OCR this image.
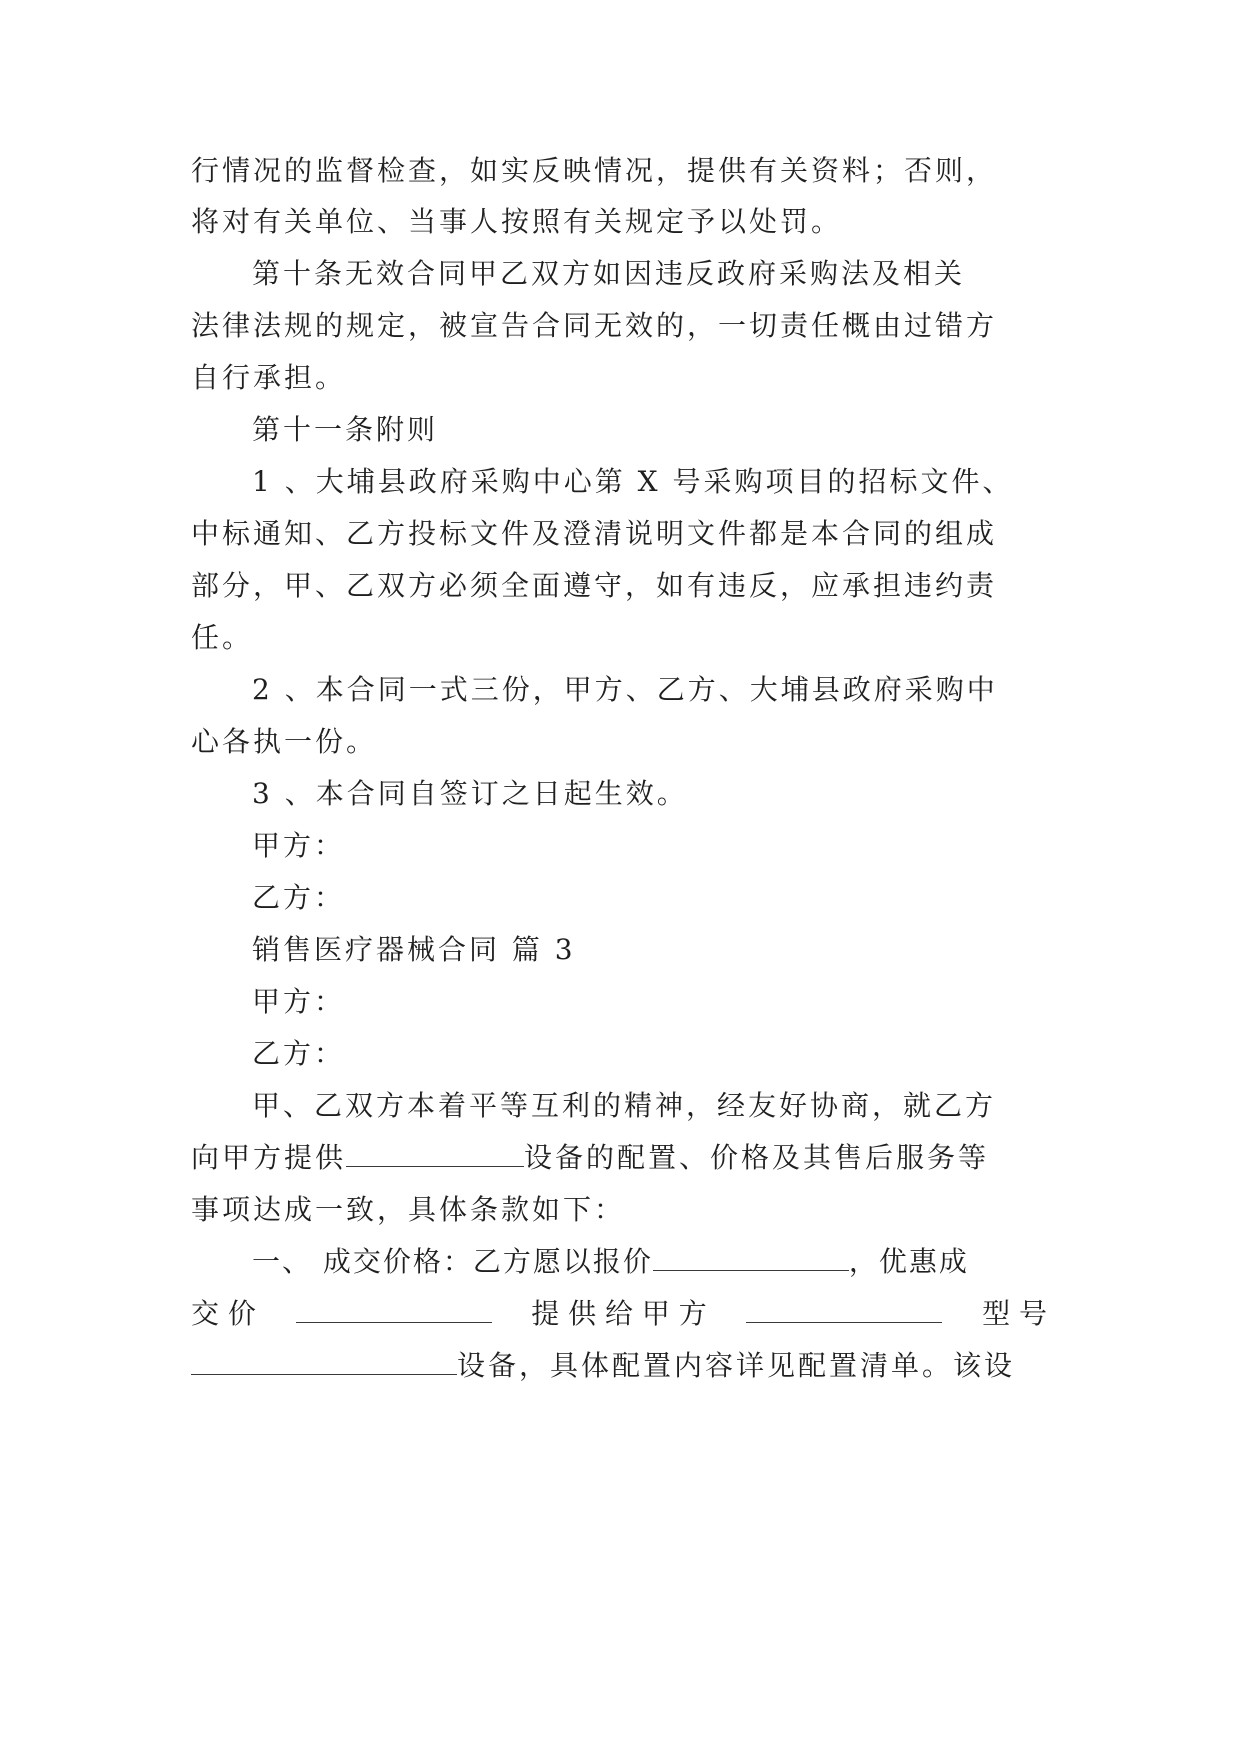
行情况的监督检查，如实反映情况，提供有关资料；否则，
将对有关单位、当事人按照有关规定予以处罚。
第十条无效合同甲乙双方如因违反政府采购法及相关
法律法规的规定，被宣告合同无效的，一切责任概由过错方
自行承担。
第十一条附则
1 、大埔县政府采购中心第 X 号采购项目的招标文件、
中标通知、乙方投标文件及澄清说明文件都是本合同的组成
部分，甲、乙双方必须全面遵守，如有违反，应承担违约责
任。
2 、本合同一式三份，甲方、乙方、大埔县政府采购中
心各执一份。
3 、本合同自签订之日起生效。
甲方：
乙方：
销售医疗器械合同 篇 3
甲方：
乙方：
甲、乙双方本着平等互利的精神，经友好协商，就乙方
向甲方提供	设备的配置、价格及其售后服务等
事项达成一致，具体条款如下：
一、 成交价格：乙方愿以报价	，优惠成
交 价	提 供 给 甲 方	型 号
设备，具体配置内容详见配置清单。该设
